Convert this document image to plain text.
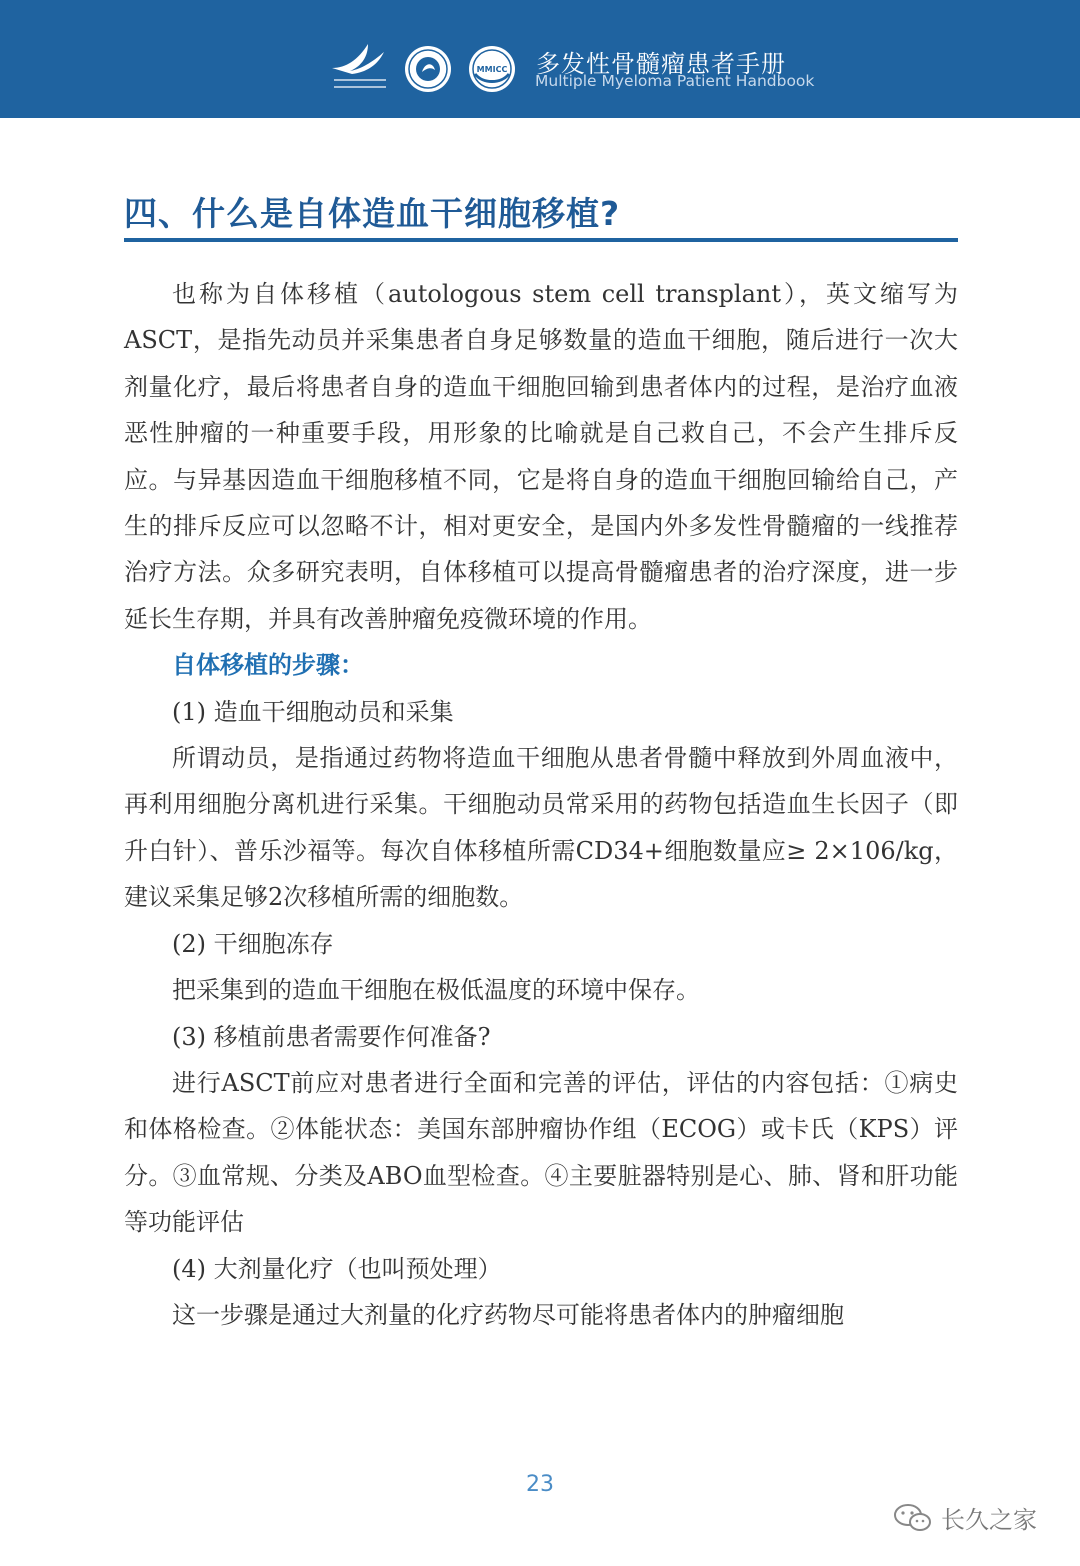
MMICC 多发性骨髓瘤患者手册
Multiple Myeloma Patient Handbook
四、什么是自体造血干细胞移植?

也称为自体移植（autologous stem cell transplant），英文缩写为ASCT，是指先动员并采集患者自身足够数量的造血干细胞，随后进行一次大剂量化疗，最后将患者自身的造血干细胞回输到患者体内的过程，是治疗血液恶性肿瘤的一种重要手段，用形象的比喻就是自己救自己，不会产生排斥反应。与异基因造血干细胞移植不同，它是将自身的造血干细胞回输给自己，产生的排斥反应可以忽略不计，相对更安全，是国内外多发性骨髓瘤的一线推荐治疗方法。众多研究表明，自体移植可以提高骨髓瘤患者的治疗深度，进一步延长生存期，并具有改善肿瘤免疫微环境的作用。

自体移植的步骤：

(1) 造血干细胞动员和采集

所谓动员，是指通过药物将造血干细胞从患者骨髓中释放到外周血液中，再利用细胞分离机进行采集。干细胞动员常采用的药物包括造血生长因子（即升白针）、普乐沙福等。每次自体移植所需CD34+细胞数量应≥ 2×106/kg，建议采集足够2次移植所需的细胞数。

(2) 干细胞冻存

把采集到的造血干细胞在极低温度的环境中保存。

(3) 移植前患者需要作何准备?

进行ASCT前应对患者进行全面和完善的评估，评估的内容包括：①病史和体格检查。②体能状态：美国东部肿瘤协作组（ECOG）或卡氏（KPS）评分。③血常规、分类及ABO血型检查。④主要脏器特别是心、肺、肾和肝功能等功能评估

(4) 大剂量化疗（也叫预处理）

这一步骤是通过大剂量的化疗药物尽可能将患者体内的肿瘤细胞

23
长久之家
